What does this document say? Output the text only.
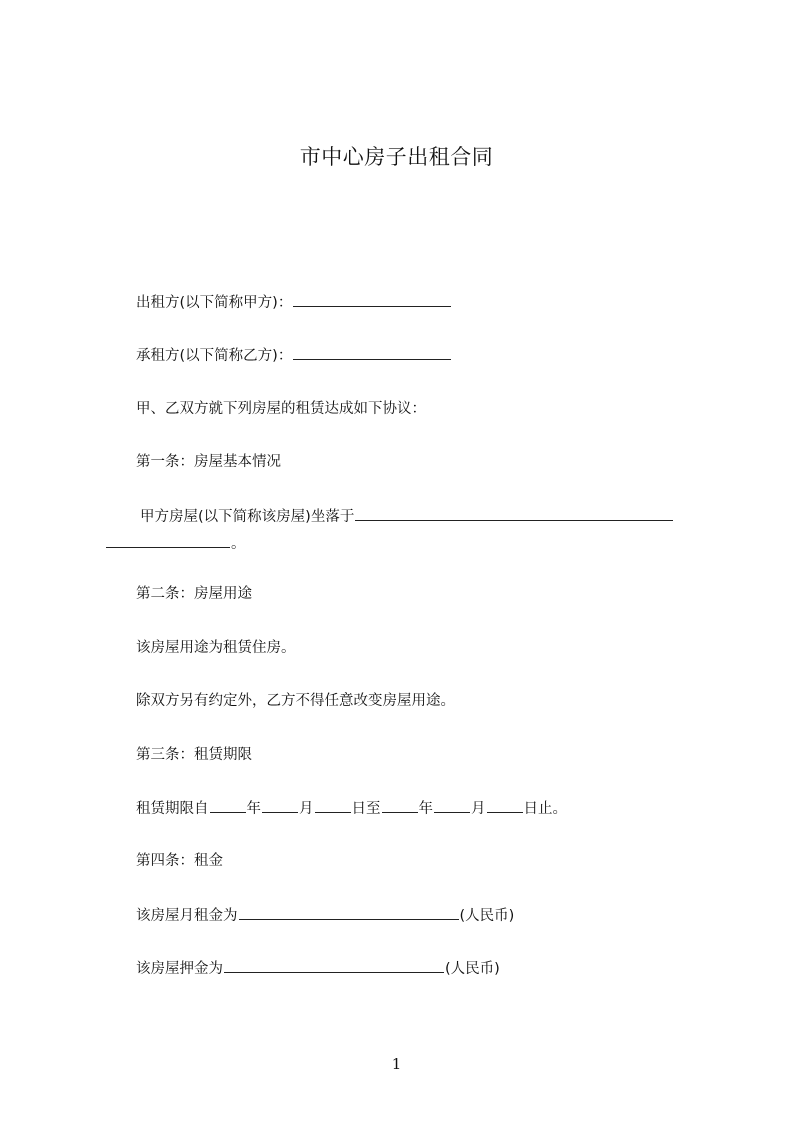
市中心房子出租合同
出租方(以下简称甲方)：
承租方(以下简称乙方)：
甲、乙双方就下列房屋的租赁达成如下协议：
第一条：房屋基本情况
甲方房屋(以下简称该房屋)坐落于
。
第二条：房屋用途
该房屋用途为租赁住房。
除双方另有约定外，乙方不得任意改变房屋用途。
第三条：租赁期限
租赁期限自	年	月	日至	年	月	日止。
第四条：租金
该房屋月租金为	(人民币)
该房屋押金为	(人民币)
1
